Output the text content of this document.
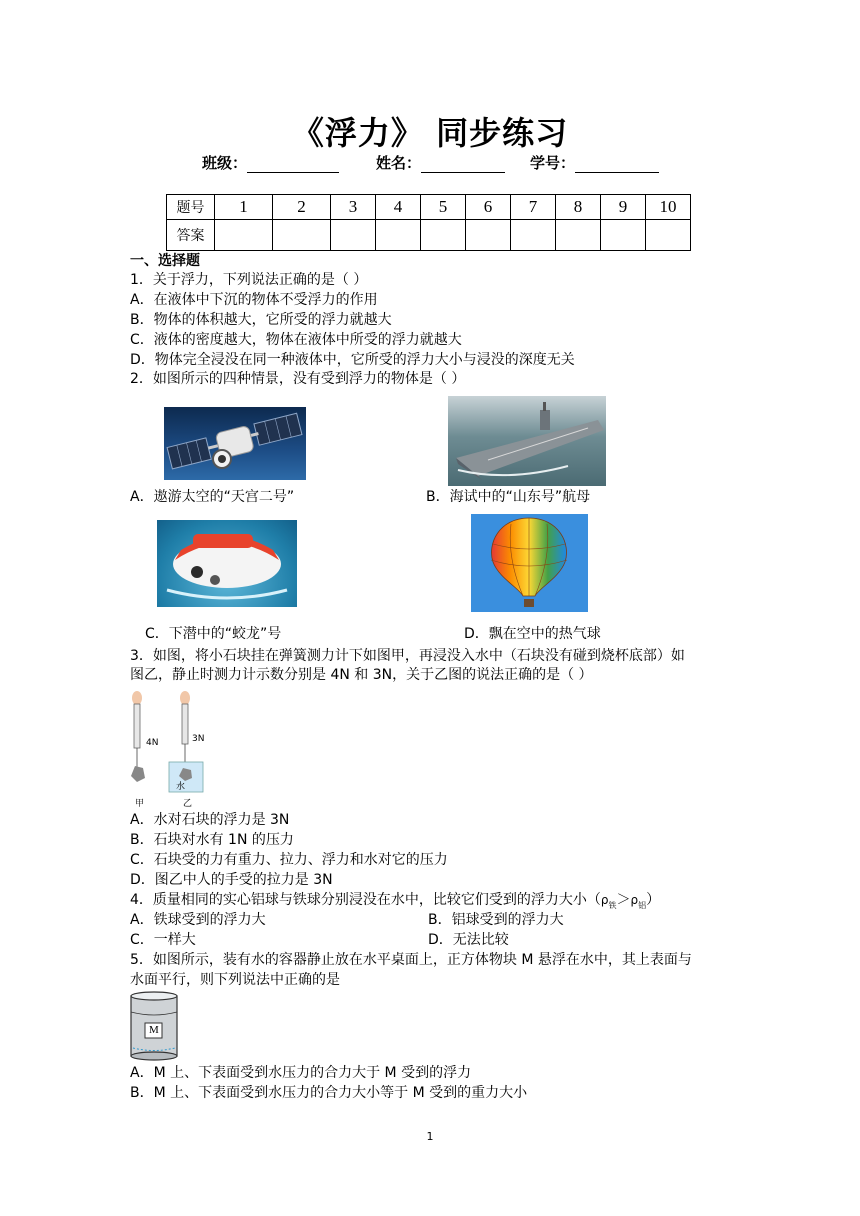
《浮力》 同步练习
班级：	姓名：	学号：
题号	1	2	3	4	5	6	7	8	9	10
答案										
一、选择题
1．关于浮力，下列说法正确的是（ ）
A．在液体中下沉的物体不受浮力的作用
B．物体的体积越大，它所受的浮力就越大
C．液体的密度越大，物体在液体中所受的浮力就越大
D．物体完全浸没在同一种液体中，它所受的浮力大小与浸没的深度无关
2．如图所示的四种情景，没有受到浮力的物体是（ ）
A．遨游太空的“天宫二号”	B．海试中的“山东号”航母
C．下潜中的“蛟龙”号	D．飘在空中的热气球
3．如图，将小石块挂在弹簧测力计下如图甲，再浸没入水中（石块没有碰到烧杯底部）如
图乙，静止时测力计示数分别是 4N 和 3N，关于乙图的说法正确的是（ ）
4N	3N
水
甲	乙
A．水对石块的浮力是 3N
B．石块对水有 1N 的压力
C．石块受的力有重力、拉力、浮力和水对它的压力
D．图乙中人的手受的拉力是 3N
4．质量相同的实心铝球与铁球分别浸没在水中，比较它们受到的浮力大小$(\rho_铁>\rho_铝)$
A．铁球受到的浮力大	B．铝球受到的浮力大
C．一样大	D．无法比较
5．如图所示，装有水的容器静止放在水平桌面上，正方体物块 M 悬浮在水中，其上表面与
水面平行，则下列说法中正确的是
M
A．M 上、下表面受到水压力的合力大于 M 受到的浮力
B．M 上、下表面受到水压力的合力大小等于 M 受到的重力大小
1
